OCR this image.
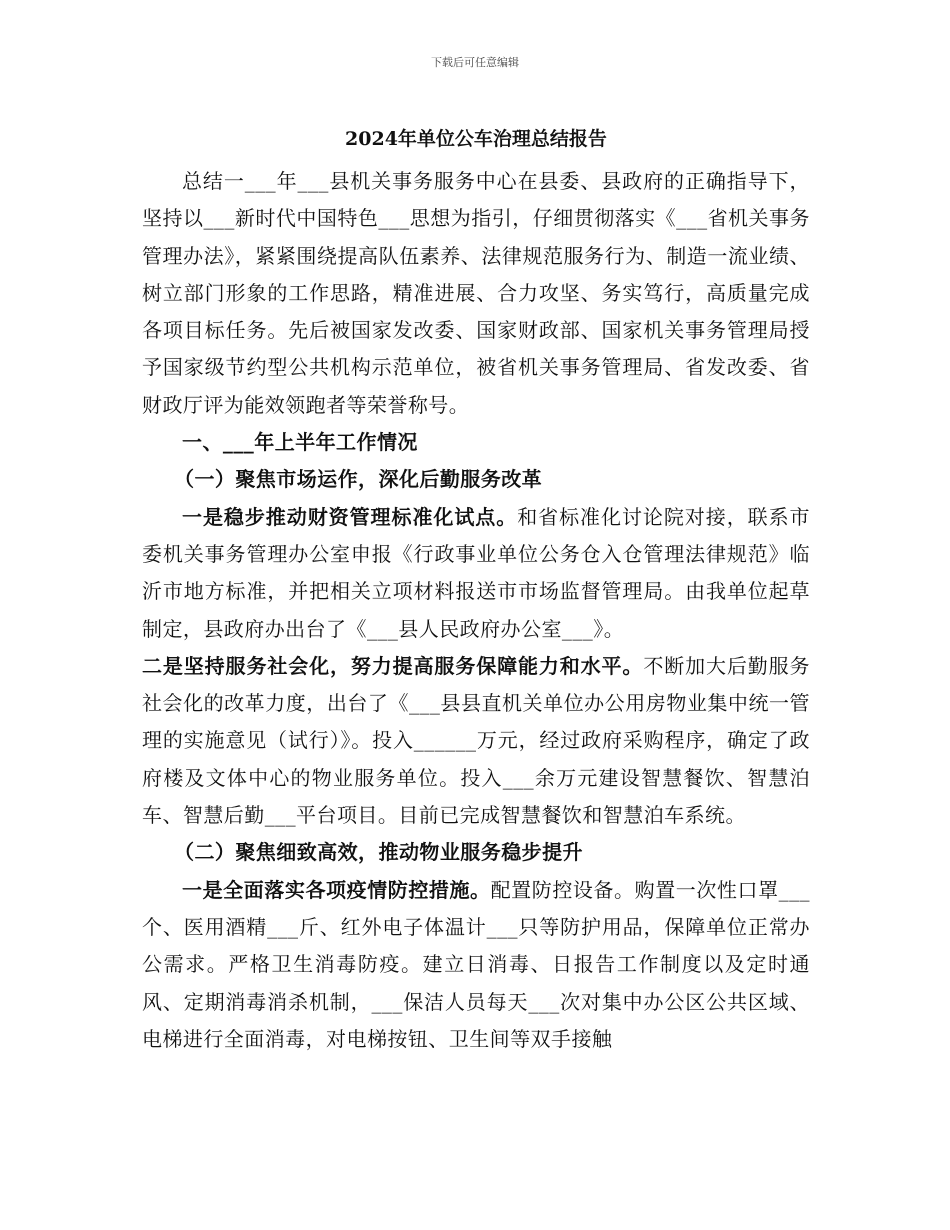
下载后可任意编辑
2024年单位公车治理总结报告

总结一___年___县机关事务服务中心在县委、县政府的正确指导下，坚持以___新时代中国特色___思想为指引，仔细贯彻落实《___省机关事务管理办法》，紧紧围绕提高队伍素养、法律规范服务行为、制造一流业绩、树立部门形象的工作思路，精准进展、合力攻坚、务实笃行，高质量完成各项目标任务。先后被国家发改委、国家财政部、国家机关事务管理局授予国家级节约型公共机构示范单位，被省机关事务管理局、省发改委、省财政厅评为能效领跑者等荣誉称号。

一、___年上半年工作情况

（一）聚焦市场运作，深化后勤服务改革

一是稳步推动财资管理标准化试点。和省标准化讨论院对接，联系市委机关事务管理办公室申报《行政事业单位公务仓入仓管理法律规范》临沂市地方标准，并把相关立项材料报送市市场监督管理局。由我单位起草制定，县政府办出台了《___县人民政府办公室___》。

二是坚持服务社会化，努力提高服务保障能力和水平。不断加大后勤服务社会化的改革力度，出台了《___县县直机关单位办公用房物业集中统一管理的实施意见（试行）》。投入______万元，经过政府采购程序，确定了政府楼及文体中心的物业服务单位。投入___余万元建设智慧餐饮、智慧泊车、智慧后勤___平台项目。目前已完成智慧餐饮和智慧泊车系统。

（二）聚焦细致高效，推动物业服务稳步提升

一是全面落实各项疫情防控措施。配置防控设备。购置一次性口罩___个、医用酒精___斤、红外电子体温计___只等防护用品，保障单位正常办公需求。严格卫生消毒防疫。建立日消毒、日报告工作制度以及定时通风、定期消毒消杀机制，___保洁人员每天___次对集中办公区公共区域、电梯进行全面消毒，对电梯按钮、卫生间等双手接触
